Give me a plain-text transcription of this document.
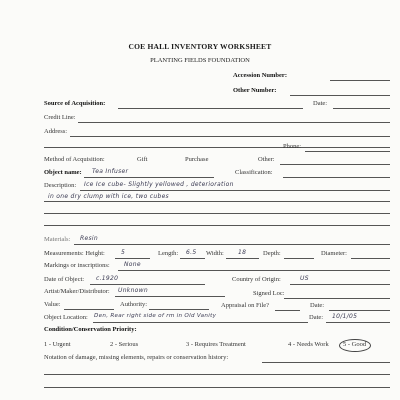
COE HALL INVENTORY WORKSHEET
PLANTING FIELDS FOUNDATION
Accession Number:
Other Number:
Source of Acquisition:	Date:
Credit Line:
Address:
Phone:
Method of Acquisition:	Gift	Purchase	Other:
Object name: Tea Infuser	Classification:
Description: Ice Ice cube- Slightly yellowed , deterioration
in one dry clump with ice, two cubes
Materials: Resin
Measurements: Height:	5	Length: 6.5 Width: 18	Depth:	Diameter:
Markings or inscriptions: None
Date of Object: c.1920	Country of Origin:	US
Artist/Maker/Distributor: Unknown	Signed Loc:
Value:	Authority:	Appraisal on File?	Date:
Object Location: Den, Rear right side of rm in Old Vanity	Date: 10/1/05
Condition/Conservation Priority:
1 - Urgent	2 - Serious	3 - Requires Treatment	4 - Needs Work 5 - Good
Notation of damage, missing elements, repairs or conservation history:
